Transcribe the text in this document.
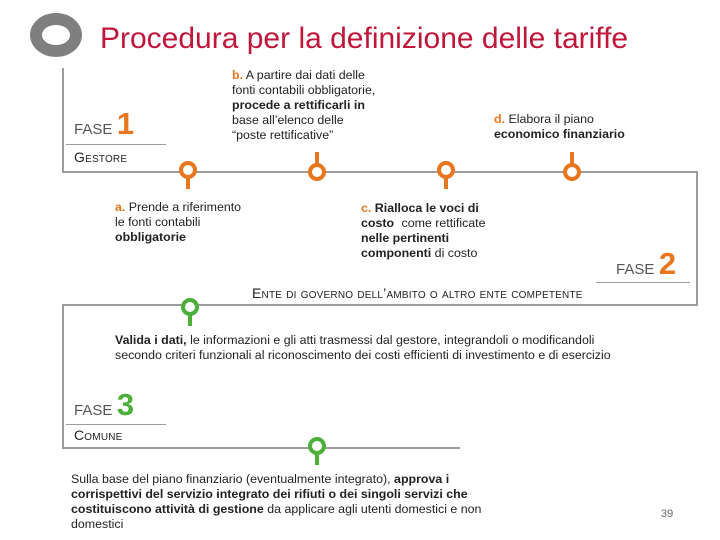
Procedura per la definizione delle tariffe
FASE 1
Gestore
b. A partire dai dati delle
fonti contabili obbligatorie,
procede a rettificarli in
base all’elenco delle
“poste rettificative”
d. Elabora il piano
economico finanziario
a. Prende a riferimento
le fonti contabili
obbligatorie
c. Rialloca le voci di
costo come rettificate
nelle pertinenti
componenti di costo
FASE 2
Ente di governo dell’ambito o altro ente competente
Valida i dati, le informazioni e gli atti trasmessi dal gestore, integrandoli o modificandoli
secondo criteri funzionali al riconoscimento dei costi efficienti di investimento e di esercizio
FASE 3
Comune
Sulla base del piano finanziario (eventualmente integrato), approva i
corrispettivi del servizio integrato dei rifiuti o dei singoli servizi che
costituiscono attività di gestione da applicare agli utenti domestici e non
domestici
39
